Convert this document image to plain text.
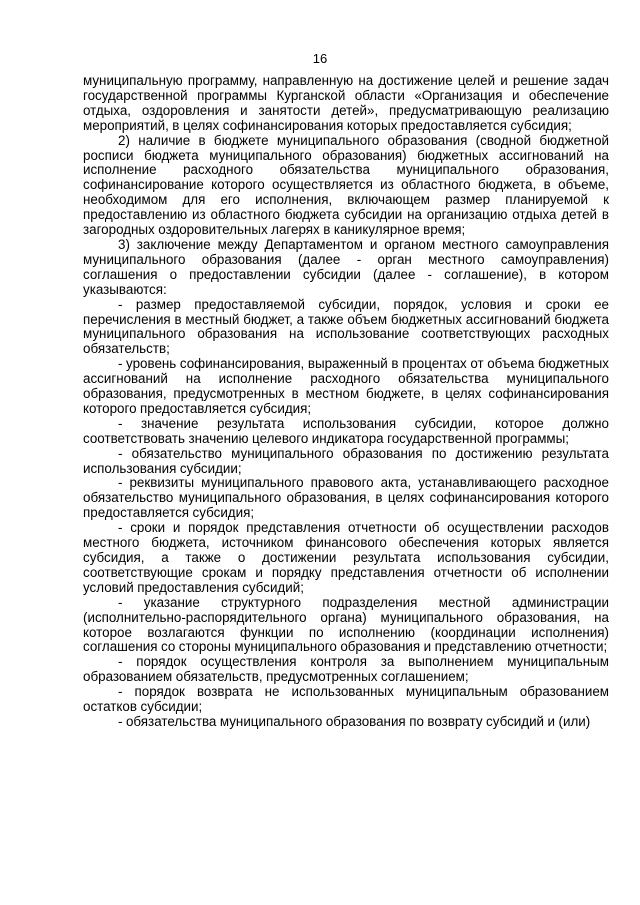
16

муниципальную программу, направленную на достижение целей и решение задач государственной программы Курганской области «Организация и обеспечение отдыха, оздоровления и занятости детей», предусматривающую реализацию мероприятий, в целях софинансирования которых предоставляется субсидия;

2) наличие в бюджете муниципального образования (сводной бюджетной росписи бюджета муниципального образования) бюджетных ассигнований на исполнение расходного обязательства муниципального образования, софинансирование которого осуществляется из областного бюджета, в объеме, необходимом для его исполнения, включающем размер планируемой к предоставлению из областного бюджета субсидии на организацию отдыха детей в загородных оздоровительных лагерях в каникулярное время;

3) заключение между Департаментом и органом местного самоуправления муниципального образования (далее - орган местного самоуправления) соглашения о предоставлении субсидии (далее - соглашение), в котором указываются:

- размер предоставляемой субсидии, порядок, условия и сроки ее перечисления в местный бюджет, а также объем бюджетных ассигнований бюджета муниципального образования на использование соответствующих расходных обязательств;

- уровень софинансирования, выраженный в процентах от объема бюджетных ассигнований на исполнение расходного обязательства муниципального образования, предусмотренных в местном бюджете, в целях софинансирования которого предоставляется субсидия;

- значение результата использования субсидии, которое должно соответствовать значению целевого индикатора государственной программы;

- обязательство муниципального образования по достижению результата использования субсидии;

- реквизиты муниципального правового акта, устанавливающего расходное обязательство муниципального образования, в целях софинансирования которого предоставляется субсидия;

- сроки и порядок представления отчетности об осуществлении расходов местного бюджета, источником финансового обеспечения которых является субсидия, а также о достижении результата использования субсидии, соответствующие срокам и порядку представления отчетности об исполнении условий предоставления субсидий;

- указание структурного подразделения местной администрации (исполнительно-распорядительного органа) муниципального образования, на которое возлагаются функции по исполнению (координации исполнения) соглашения со стороны муниципального образования и представлению отчетности;

- порядок осуществления контроля за выполнением муниципальным образованием обязательств, предусмотренных соглашением;

- порядок возврата не использованных муниципальным образованием остатков субсидии;

- обязательства муниципального образования по возврату субсидий и (или)
